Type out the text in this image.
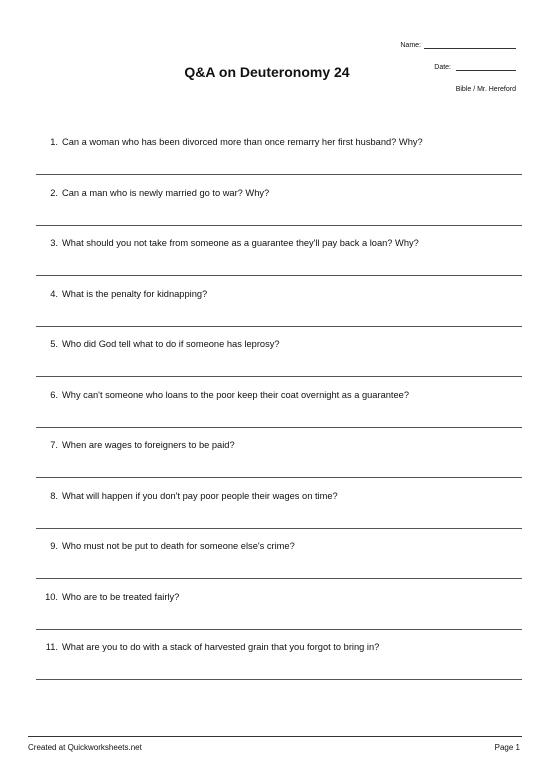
Name:
Date:
Q&A on Deuteronomy 24
Bible / Mr. Hereford
1. Can a woman who has been divorced more than once remarry her first husband? Why?
2. Can a man who is newly married go to war? Why?
3. What should you not take from someone as a guarantee they'll pay back a loan? Why?
4. What is the penalty for kidnapping?
5. Who did God tell what to do if someone has leprosy?
6. Why can't someone who loans to the poor keep their coat overnight as a guarantee?
7. When are wages to foreigners to be paid?
8. What will happen if you don't pay poor people their wages on time?
9. Who must not be put to death for someone else's crime?
10. Who are to be treated fairly?
11. What are you to do with a stack of harvested grain that you forgot to bring in?
Created at Quickworksheets.net	Page 1
